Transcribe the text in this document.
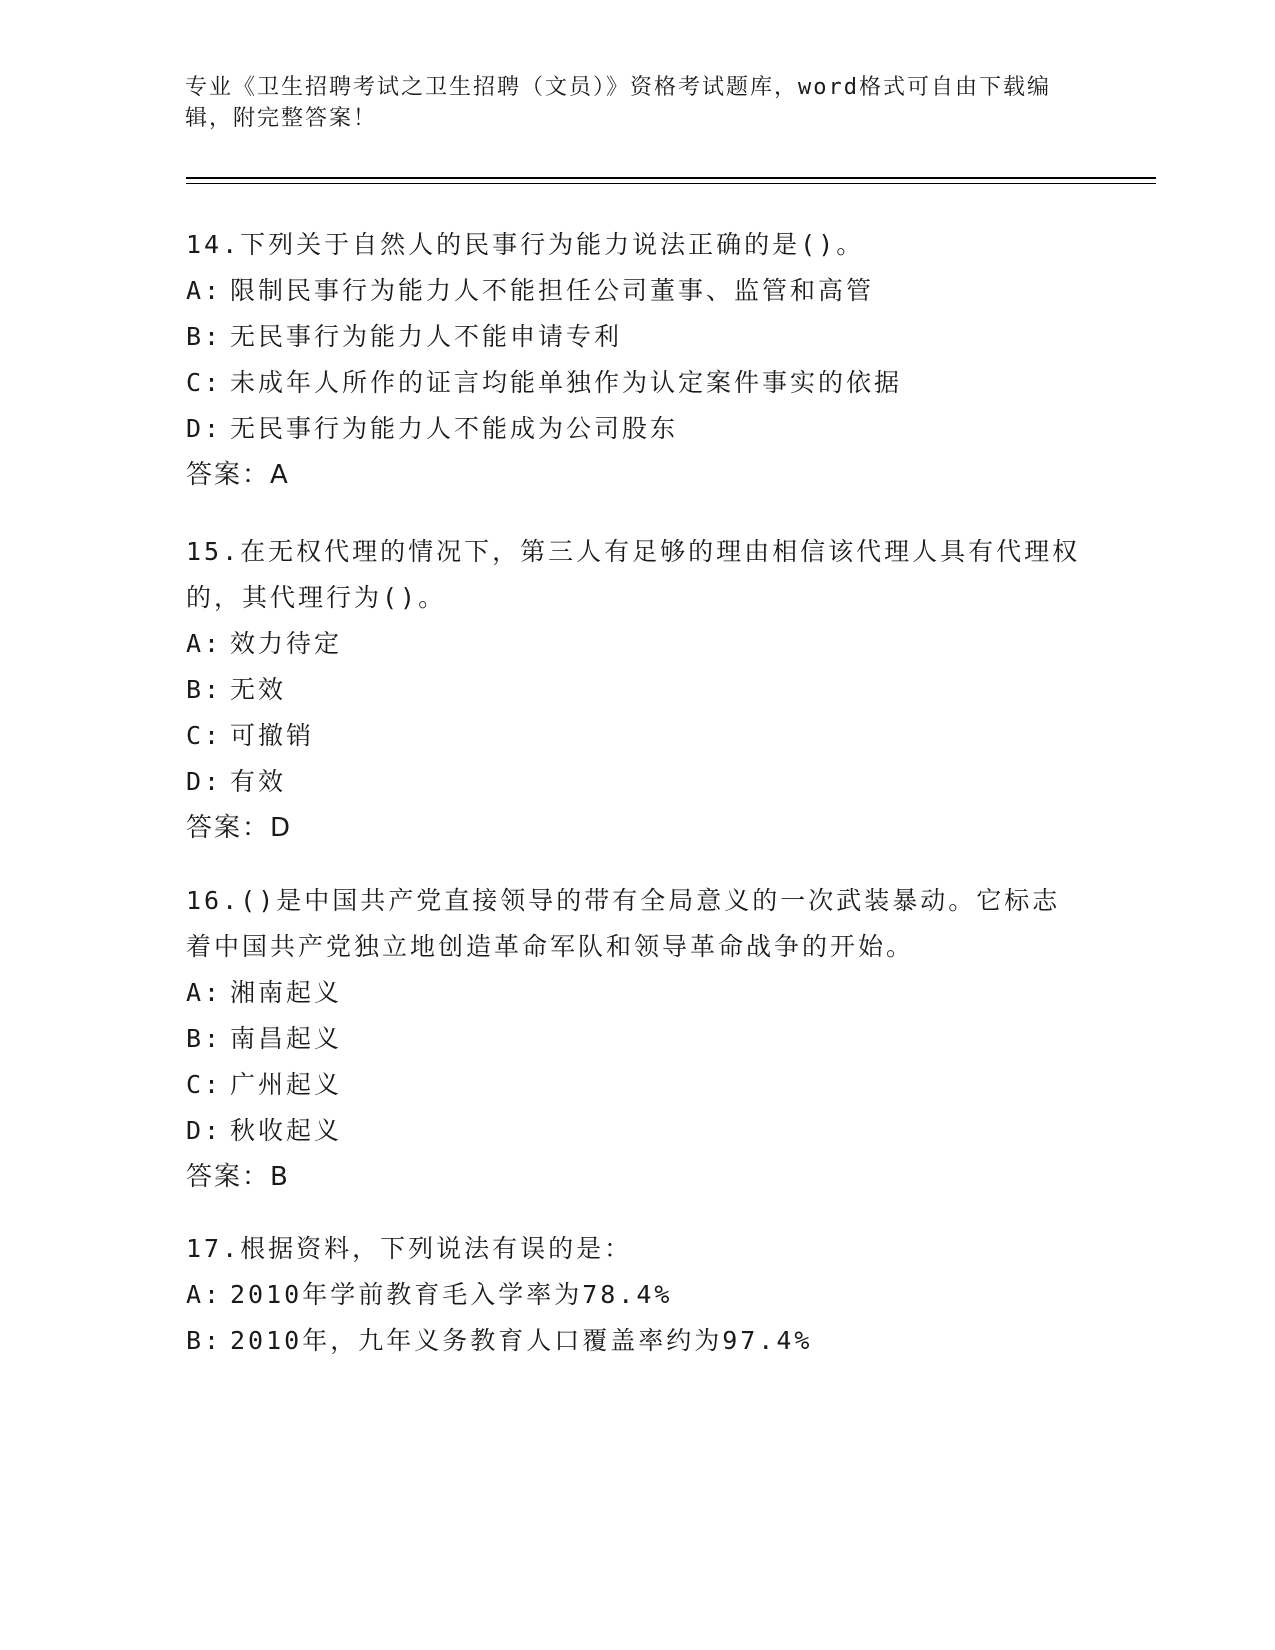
专业《卫生招聘考试之卫生招聘（文员）》资格考试题库，word格式可自由下载编辑，附完整答案！

14.下列关于自然人的民事行为能力说法正确的是()。

A: 限制民事行为能力人不能担任公司董事、监管和高管

B: 无民事行为能力人不能申请专利

C: 未成年人所作的证言均能单独作为认定案件事实的依据

D: 无民事行为能力人不能成为公司股东

答案：A

15.在无权代理的情况下，第三人有足够的理由相信该代理人具有代理权的，其代理行为()。

A: 效力待定

B: 无效

C: 可撤销

D: 有效

答案：D

16.()是中国共产党直接领导的带有全局意义的一次武装暴动。它标志着中国共产党独立地创造革命军队和领导革命战争的开始。

A: 湘南起义

B: 南昌起义

C: 广州起义

D: 秋收起义

答案：B

17.根据资料，下列说法有误的是：

A: 2010年学前教育毛入学率为78.4%

B: 2010年，九年义务教育人口覆盖率约为97.4%
